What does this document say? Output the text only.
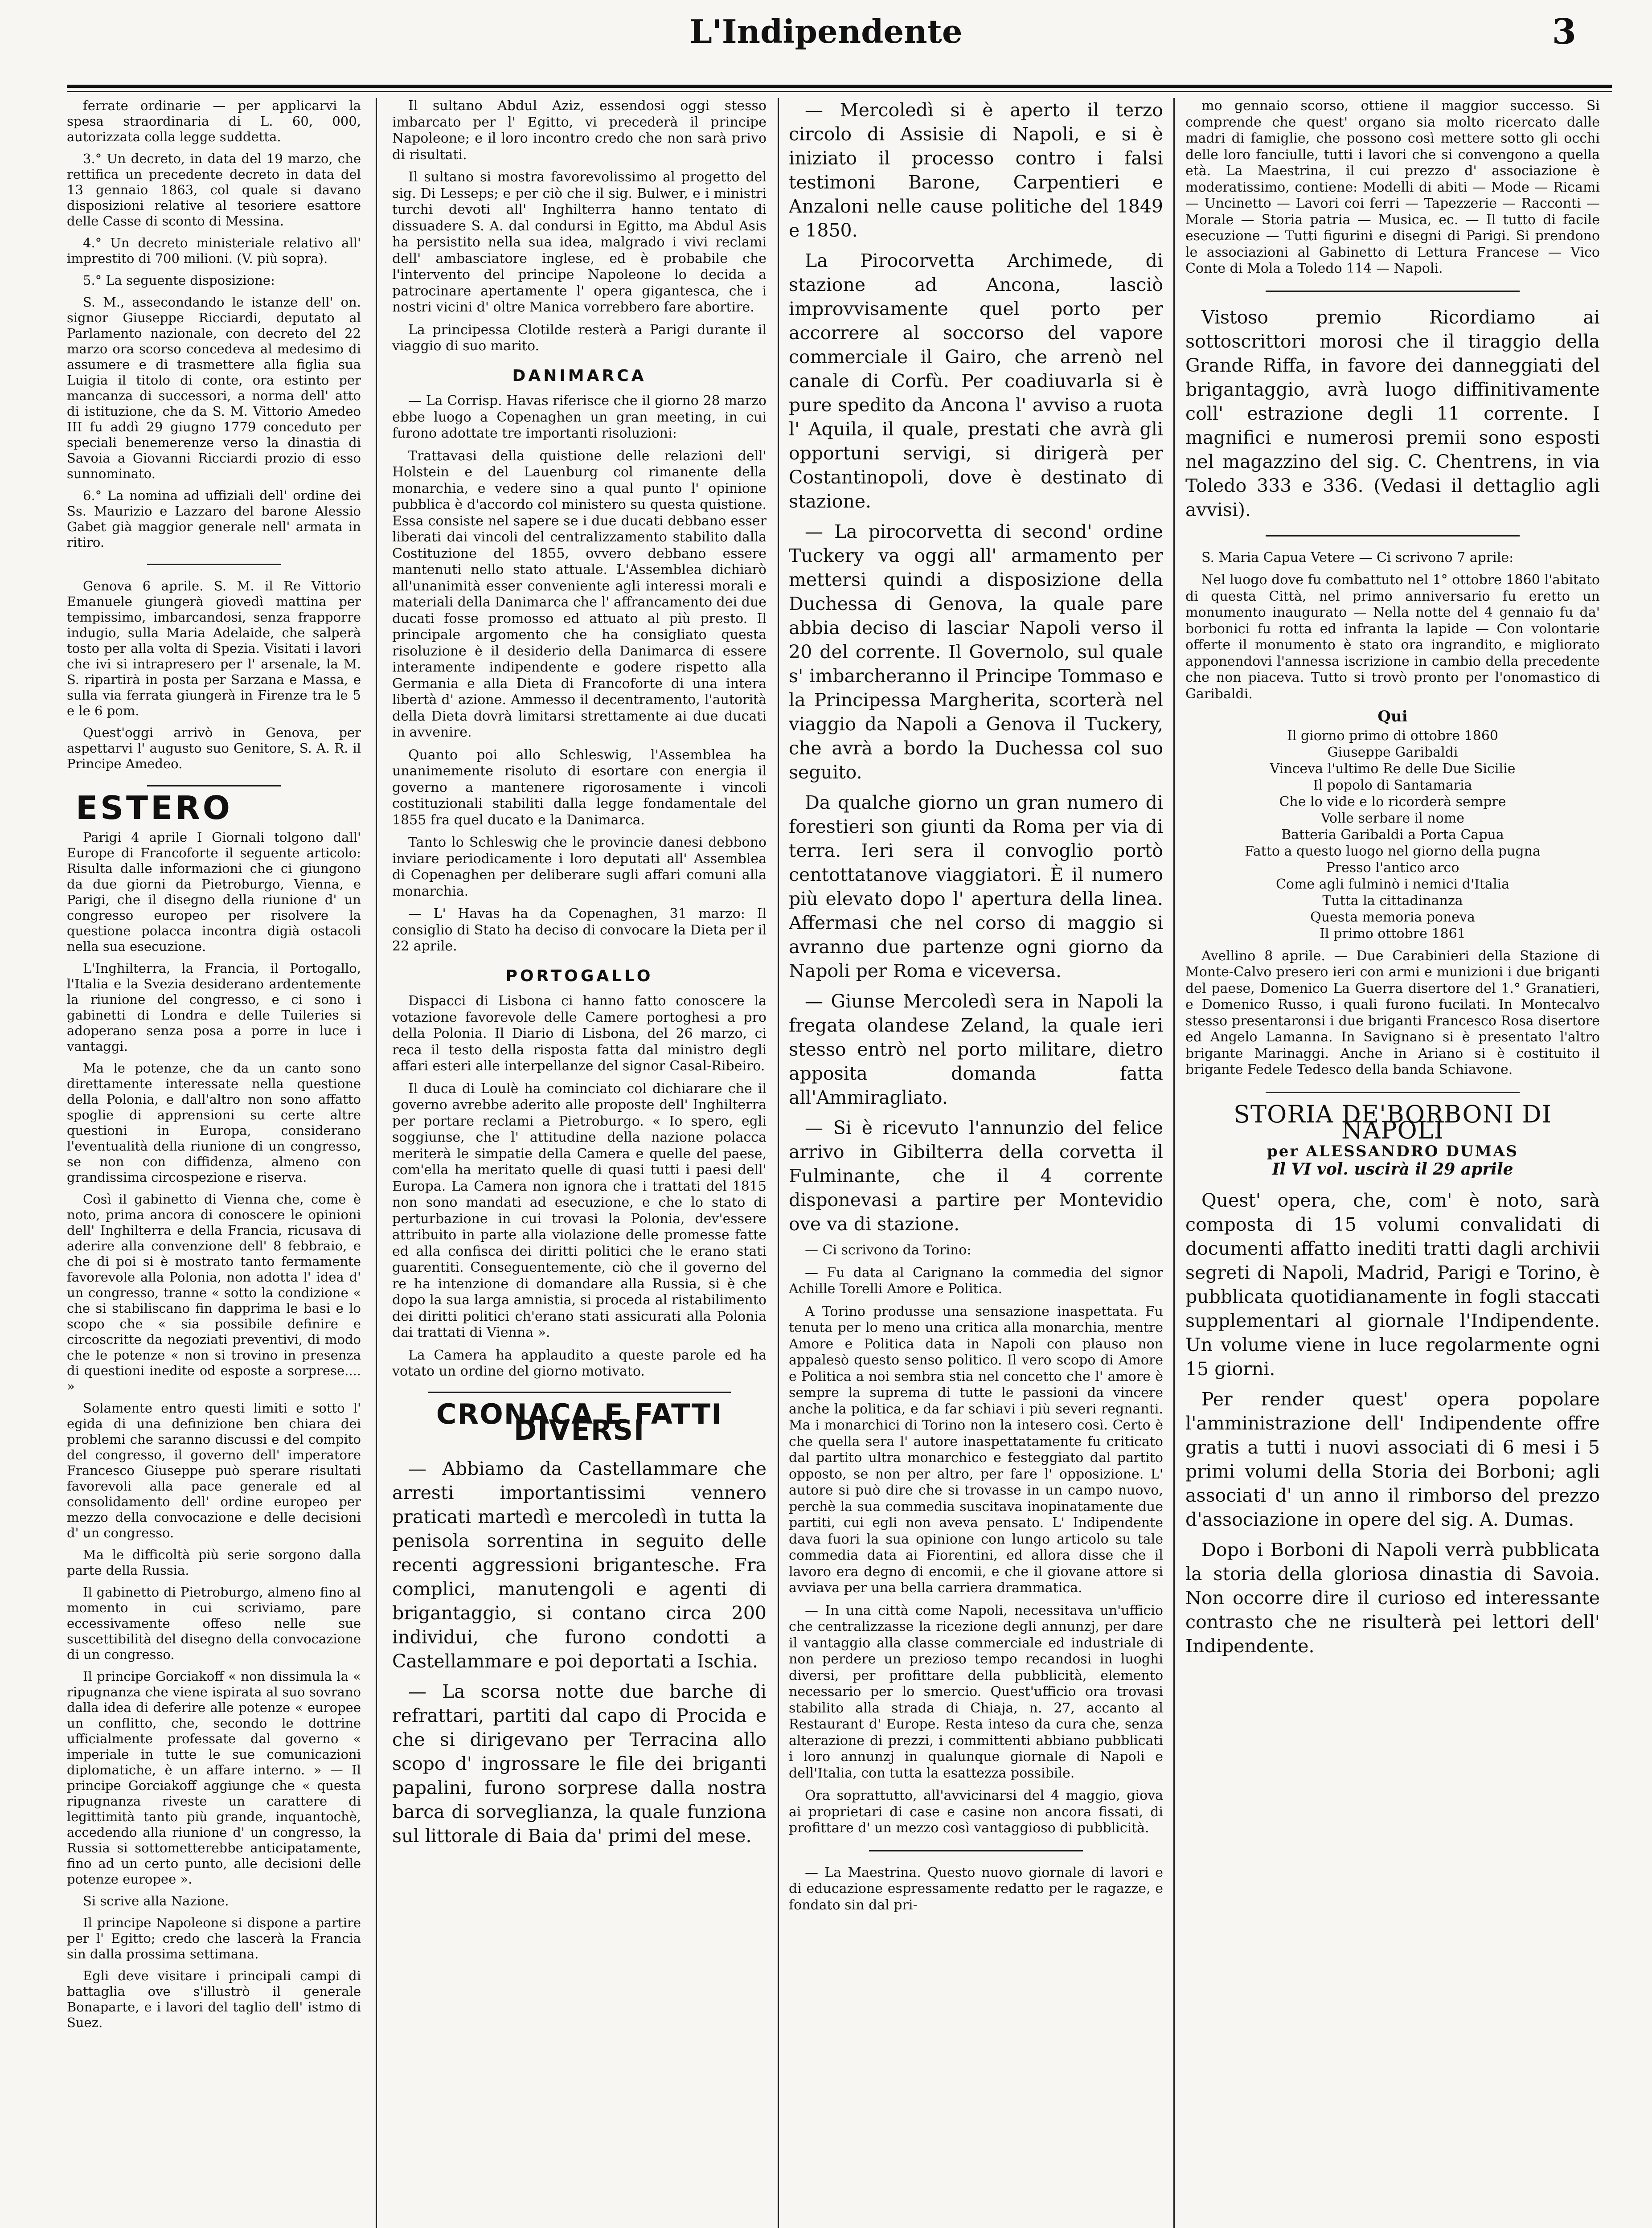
L'Indipendente	3

ferrate ordinarie — per applicarvi la spesa straordinaria di L. 60, 000, autorizzata colla legge suddetta.

3.° Un decreto, in data del 19 marzo, che rettifica un precedente decreto in data del 13 gennaio 1863, col quale si davano disposizioni relative al tesoriere esattore delle Casse di sconto di Messina.

4.° Un decreto ministeriale relativo all' imprestito di 700 milioni. (V. più sopra).

5.° La seguente disposizione:

S. M., assecondando le istanze dell' on. signor Giuseppe Ricciardi, deputato al Parlamento nazionale, con decreto del 22 marzo ora scorso concedeva al medesimo di assumere e di trasmettere alla figlia sua Luigia il titolo di conte, ora estinto per mancanza di successori, a norma dell' atto di istituzione, che da S. M. Vittorio Amedeo III fu addì 29 giugno 1779 conceduto per speciali benemerenze verso la dinastia di Savoia a Giovanni Ricciardi prozio di esso sunnominato.

6.° La nomina ad uffiziali dell' ordine dei Ss. Maurizio e Lazzaro del barone Alessio Gabet già maggior generale nell' armata in ritiro.

Genova 6 aprile. S. M. il Re Vittorio Emanuele giungerà giovedì mattina per tempissimo, imbarcandosi, senza frapporre indugio, sulla Maria Adelaide, che salperà tosto per alla volta di Spezia. Visitati i lavori che ivi si intrapresero per l' arsenale, la M. S. ripartirà in posta per Sarzana e Massa, e sulla via ferrata giungerà in Firenze tra le 5 e le 6 pom.

Quest'oggi arrivò in Genova, per aspettarvi l' augusto suo Genitore, S. A. R. il Principe Amedeo.

ESTERO

Parigi 4 aprile I Giornali tolgono dall' Europe di Francoforte il seguente articolo: Risulta dalle informazioni che ci giungono da due giorni da Pietroburgo, Vienna, e Parigi, che il disegno della riunione d' un congresso europeo per risolvere la questione polacca incontra digià ostacoli nella sua esecuzione.

L'Inghilterra, la Francia, il Portogallo, l'Italia e la Svezia desiderano ardentemente la riunione del congresso, e ci sono i gabinetti di Londra e delle Tuileries si adoperano senza posa a porre in luce i vantaggi.

Ma le potenze, che da un canto sono direttamente interessate nella questione della Polonia, e dall'altro non sono affatto spoglie di apprensioni su certe altre questioni in Europa, considerano l'eventualità della riunione di un congresso, se non con diffidenza, almeno con grandissima circospezione e riserva.

Così il gabinetto di Vienna che, come è noto, prima ancora di conoscere le opinioni dell' Inghilterra e della Francia, ricusava di aderire alla convenzione dell' 8 febbraio, e che di poi si è mostrato tanto fermamente favorevole alla Polonia, non adotta l' idea d' un congresso, tranne « sotto la condizione « che si stabiliscano fin dapprima le basi e lo scopo che « sia possibile definire e circoscritte da negoziati preventivi, di modo che le potenze « non si trovino in presenza di questioni inedite od esposte a sorprese.... »

Solamente entro questi limiti e sotto l' egida di una definizione ben chiara dei problemi che saranno discussi e del compito del congresso, il governo dell' imperatore Francesco Giuseppe può sperare risultati favorevoli alla pace generale ed al consolidamento dell' ordine europeo per mezzo della convocazione e delle decisioni d' un congresso.

Ma le difficoltà più serie sorgono dalla parte della Russia.

Il gabinetto di Pietroburgo, almeno fino al momento in cui scriviamo, pare eccessivamente offeso nelle sue suscettibilità del disegno della convocazione di un congresso.

Il principe Gorciakoff « non dissimula la « ripugnanza che viene ispirata al suo sovrano dalla idea di deferire alle potenze « europee un conflitto, che, secondo le dottrine ufficialmente professate dal governo « imperiale in tutte le sue comunicazioni diplomatiche, è un affare interno. » — Il principe Gorciakoff aggiunge che « questa ripugnanza riveste un carattere di legittimità tanto più grande, inquantochè, accedendo alla riunione d' un congresso, la Russia si sottometterebbe anticipatamente, fino ad un certo punto, alle decisioni delle potenze europee ».

Si scrive alla Nazione.

Il principe Napoleone si dispone a partire per l' Egitto; credo che lascerà la Francia sin dalla prossima settimana.

Egli deve visitare i principali campi di battaglia ove s'illustrò il generale Bonaparte, e i lavori del taglio dell' istmo di Suez.

Il sultano Abdul Aziz, essendosi oggi stesso imbarcato per l' Egitto, vi precederà il principe Napoleone; e il loro incontro credo che non sarà privo di risultati.

Il sultano si mostra favorevolissimo al progetto del sig. Di Lesseps; e per ciò che il sig. Bulwer, e i ministri turchi devoti all' Inghilterra hanno tentato di dissuadere S. A. dal condursi in Egitto, ma Abdul Asis ha persistito nella sua idea, malgrado i vivi reclami dell' ambasciatore inglese, ed è probabile che l'intervento del principe Napoleone lo decida a patrocinare apertamente l' opera gigantesca, che i nostri vicini d' oltre Manica vorrebbero fare abortire.

La principessa Clotilde resterà a Parigi durante il viaggio di suo marito.

DANIMARCA

— La Corrisp. Havas riferisce che il giorno 28 marzo ebbe luogo a Copenaghen un gran meeting, in cui furono adottate tre importanti risoluzioni:

Trattavasi della quistione delle relazioni dell' Holstein e del Lauenburg col rimanente della monarchia, e vedere sino a qual punto l' opinione pubblica è d'accordo col ministero su questa quistione. Essa consiste nel sapere se i due ducati debbano esser liberati dai vincoli del centralizzamento stabilito dalla Costituzione del 1855, ovvero debbano essere mantenuti nello stato attuale. L'Assemblea dichiarò all'unanimità esser conveniente agli interessi morali e materiali della Danimarca che l' affrancamento dei due ducati fosse promosso ed attuato al più presto. Il principale argomento che ha consigliato questa risoluzione è il desiderio della Danimarca di essere interamente indipendente e godere rispetto alla Germania e alla Dieta di Francoforte di una intera libertà d' azione. Ammesso il decentramento, l'autorità della Dieta dovrà limitarsi strettamente ai due ducati in avvenire.

Quanto poi allo Schleswig, l'Assemblea ha unanimemente risoluto di esortare con energia il governo a mantenere rigorosamente i vincoli costituzionali stabiliti dalla legge fondamentale del 1855 fra quel ducato e la Danimarca.

Tanto lo Schleswig che le provincie danesi debbono inviare periodicamente i loro deputati all' Assemblea di Copenaghen per deliberare sugli affari comuni alla monarchia.

— L' Havas ha da Copenaghen, 31 marzo: Il consiglio di Stato ha deciso di convocare la Dieta per il 22 aprile.

PORTOGALLO

Dispacci di Lisbona ci hanno fatto conoscere la votazione favorevole delle Camere portoghesi a pro della Polonia. Il Diario di Lisbona, del 26 marzo, ci reca il testo della risposta fatta dal ministro degli affari esteri alle interpellanze del signor Casal-Ribeiro.

Il duca di Loulè ha cominciato col dichiarare che il governo avrebbe aderito alle proposte dell' Inghilterra per portare reclami a Pietroburgo. « Io spero, egli soggiunse, che l' attitudine della nazione polacca meriterà le simpatie della Camera e quelle del paese, com'ella ha meritato quelle di quasi tutti i paesi dell' Europa. La Camera non ignora che i trattati del 1815 non sono mandati ad esecuzione, e che lo stato di perturbazione in cui trovasi la Polonia, dev'essere attribuito in parte alla violazione delle promesse fatte ed alla confisca dei diritti politici che le erano stati guarentiti. Conseguentemente, ciò che il governo del re ha intenzione di domandare alla Russia, si è che dopo la sua larga amnistia, si proceda al ristabilimento dei diritti politici ch'erano stati assicurati alla Polonia dai trattati di Vienna ».

La Camera ha applaudito a queste parole ed ha votato un ordine del giorno motivato.

CRONACA E FATTI DIVERSI

— Abbiamo da Castellammare che arresti importantissimi vennero praticati martedì e mercoledì in tutta la penisola sorrentina in seguito delle recenti aggressioni brigantesche. Fra complici, manutengoli e agenti di brigantaggio, si contano circa 200 individui, che furono condotti a Castellammare e poi deportati a Ischia.

— La scorsa notte due barche di refrattari, partiti dal capo di Procida e che si dirigevano per Terracina allo scopo d' ingrossare le file dei briganti papalini, furono sorprese dalla nostra barca di sorveglianza, la quale funziona sul littorale di Baia da' primi del mese.

— Mercoledì si è aperto il terzo circolo di Assisie di Napoli, e si è iniziato il processo contro i falsi testimoni Barone, Carpentieri e Anzaloni nelle cause politiche del 1849 e 1850.

La Pirocorvetta Archimede, di stazione ad Ancona, lasciò improvvisamente quel porto per accorrere al soccorso del vapore commerciale il Gairo, che arrenò nel canale di Corfù. Per coadiuvarla si è pure spedito da Ancona l' avviso a ruota l' Aquila, il quale, prestati che avrà gli opportuni servigi, si dirigerà per Costantinopoli, dove è destinato di stazione.

— La pirocorvetta di second' ordine Tuckery va oggi all' armamento per mettersi quindi a disposizione della Duchessa di Genova, la quale pare abbia deciso di lasciar Napoli verso il 20 del corrente. Il Governolo, sul quale s' imbarcheranno il Principe Tommaso e la Principessa Margherita, scorterà nel viaggio da Napoli a Genova il Tuckery, che avrà a bordo la Duchessa col suo seguito.

Da qualche giorno un gran numero di forestieri son giunti da Roma per via di terra. Ieri sera il convoglio portò centottatanove viaggiatori. È il numero più elevato dopo l' apertura della linea. Affermasi che nel corso di maggio si avranno due partenze ogni giorno da Napoli per Roma e viceversa.

— Giunse Mercoledì sera in Napoli la fregata olandese Zeland, la quale ieri stesso entrò nel porto militare, dietro apposita domanda fatta all'Ammiragliato.

— Si è ricevuto l'annunzio del felice arrivo in Gibilterra della corvetta il Fulminante, che il 4 corrente disponevasi a partire per Montevidio ove va di stazione.

— Ci scrivono da Torino:

— Fu data al Carignano la commedia del signor Achille Torelli Amore e Politica.

A Torino produsse una sensazione inaspettata. Fu tenuta per lo meno una critica alla monarchia, mentre Amore e Politica data in Napoli con plauso non appalesò questo senso politico. Il vero scopo di Amore e Politica a noi sembra stia nel concetto che l' amore è sempre la suprema di tutte le passioni da vincere anche la politica, e da far schiavi i più severi regnanti. Ma i monarchici di Torino non la intesero così. Certo è che quella sera l' autore inaspettatamente fu criticato dal partito ultra monarchico e festeggiato dal partito opposto, se non per altro, per fare l' opposizione. L' autore si può dire che si trovasse in un campo nuovo, perchè la sua commedia suscitava inopinatamente due partiti, cui egli non aveva pensato. L' Indipendente dava fuori la sua opinione con lungo articolo su tale commedia data ai Fiorentini, ed allora disse che il lavoro era degno di encomii, e che il giovane attore si avviava per una bella carriera drammatica.

— In una città come Napoli, necessitava un'ufficio che centralizzasse la ricezione degli annunzj, per dare il vantaggio alla classe commerciale ed industriale di non perdere un prezioso tempo recandosi in luoghi diversi, per profittare della pubblicità, elemento necessario per lo smercio. Quest'ufficio ora trovasi stabilito alla strada di Chiaja, n. 27, accanto al Restaurant d' Europe. Resta inteso da cura che, senza alterazione di prezzi, i committenti abbiano pubblicati i loro annunzj in qualunque giornale di Napoli e dell'Italia, con tutta la esattezza possibile.

Ora soprattutto, all'avvicinarsi del 4 maggio, giova ai proprietari di case e casine non ancora fissati, di profittare d' un mezzo così vantaggioso di pubblicità.

— La Maestrina. Questo nuovo giornale di lavori e di educazione espressamente redatto per le ragazze, e fondato sin dal pri-

mo gennaio scorso, ottiene il maggior successo. Si comprende che quest' organo sia molto ricercato dalle madri di famiglie, che possono così mettere sotto gli occhi delle loro fanciulle, tutti i lavori che si convengono a quella età. La Maestrina, il cui prezzo d' associazione è moderatissimo, contiene: Modelli di abiti — Mode — Ricami — Uncinetto — Lavori coi ferri — Tapezzerie — Racconti — Morale — Storia patria — Musica, ec. — Il tutto di facile esecuzione — Tutti figurini e disegni di Parigi. Si prendono le associazioni al Gabinetto di Lettura Francese — Vico Conte di Mola a Toledo 114 — Napoli.

Vistoso premio Ricordiamo ai sottoscrittori morosi che il tiraggio della Grande Riffa, in favore dei danneggiati del brigantaggio, avrà luogo diffinitivamente coll' estrazione degli 11 corrente. I magnifici e numerosi premii sono esposti nel magazzino del sig. C. Chentrens, in via Toledo 333 e 336. (Vedasi il dettaglio agli avvisi).

S. Maria Capua Vetere — Ci scrivono 7 aprile:

Nel luogo dove fu combattuto nel 1° ottobre 1860 l'abitato di questa Città, nel primo anniversario fu eretto un monumento inaugurato — Nella notte del 4 gennaio fu da' borbonici fu rotta ed infranta la lapide — Con volontarie offerte il monumento è stato ora ingrandito, e migliorato apponendovi l'annessa iscrizione in cambio della precedente che non piaceva. Tutto si trovò pronto per l'onomastico di Garibaldi.

Qui

Il giorno primo di ottobre 1860

Giuseppe Garibaldi

Vinceva l'ultimo Re delle Due Sicilie

Il popolo di Santamaria

Che lo vide e lo ricorderà sempre

Volle serbare il nome

Batteria Garibaldi a Porta Capua

Fatto a questo luogo nel giorno della pugna

Presso l'antico arco

Come agli fulminò i nemici d'Italia

Tutta la cittadinanza

Questa memoria poneva

Il primo ottobre 1861

Avellino 8 aprile. — Due Carabinieri della Stazione di Monte-Calvo presero ieri con armi e munizioni i due briganti del paese, Domenico La Guerra disertore del 1.° Granatieri, e Domenico Russo, i quali furono fucilati. In Montecalvo stesso presentaronsi i due briganti Francesco Rosa disertore ed Angelo Lamanna. In Savignano si è presentato l'altro brigante Marinaggi. Anche in Ariano si è costituito il brigante Fedele Tedesco della banda Schiavone.

STORIA DE'BORBONI DI NAPOLI
per ALESSANDRO DUMAS
Il VI vol. uscirà il 29 aprile

Quest' opera, che, com' è noto, sarà composta di 15 volumi convalidati di documenti affatto inediti tratti dagli archivii segreti di Napoli, Madrid, Parigi e Torino, è pubblicata quotidianamente in fogli staccati supplementari al giornale l'Indipendente. Un volume viene in luce regolarmente ogni 15 giorni.

Per render quest' opera popolare l'amministrazione dell' Indipendente offre gratis a tutti i nuovi associati di 6 mesi i 5 primi volumi della Storia dei Borboni; agli associati d' un anno il rimborso del prezzo d'associazione in opere del sig. A. Dumas.

Dopo i Borboni di Napoli verrà pubblicata la storia della gloriosa dinastia di Savoia. Non occorre dire il curioso ed interessante contrasto che ne risulterà pei lettori dell' Indipendente.
